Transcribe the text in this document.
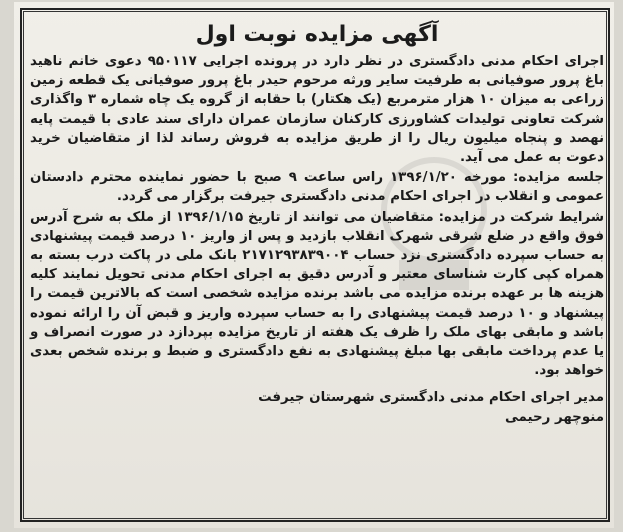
آگهی مزایده نوبت اول

اجرای احکام مدنی دادگستری در نظر دارد در پرونده اجرایی ۹۵۰۱۱۷ دعوی خانم ناهید باغ پرور صوفیانی به طرفیت سایر ورثه مرحوم حیدر باغ پرور صوفیانی یک قطعه زمین زراعی به میزان ۱۰ هزار مترمربع (یک هکتار) با حقابه از گروه یک چاه شماره ۳ واگذاری شرکت تعاونی تولیدات کشاورزی کارکنان سازمان عمران دارای سند عادی با قیمت پایه نهصد و پنجاه میلیون ریال را از طریق مزایده به فروش رساند لذا از متقاضیان خرید دعوت به عمل می آید.

جلسه مزایده: مورخه ۱۳۹۶/۱/۲۰ راس ساعت ۹ صبح با حضور نماینده محترم دادستان عمومی و انقلاب در اجرای احکام مدنی دادگستری جیرفت برگزار می گردد.

شرایط شرکت در مزایده: متقاضیان می توانند از تاریخ ۱۳۹۶/۱/۱۵ از ملک به شرح آدرس فوق واقع در ضلع شرقی شهرک انقلاب بازدید و پس از واریز ۱۰ درصد قیمت پیشنهادی به حساب سپرده دادگستری نزد حساب ۲۱۷۱۲۹۳۸۳۹۰۰۴ بانک ملی در پاکت درب بسته به همراه کپی کارت شناسای معتبر و آدرس دقیق به اجرای احکام مدنی تحویل نمایند کلیه هزینه ها بر عهده برنده مزایده می باشد برنده مزایده شخصی است که بالاترین قیمت را پیشنهاد و ۱۰ درصد قیمت پیشنهادی را به حساب سپرده واریز و قبض آن را ارائه نموده باشد و مابقی بهای ملک را ظرف یک هفته از تاریخ مزایده بپردازد در صورت انصراف و یا عدم پرداخت مابقی بها مبلغ پیشنهادی به نفع دادگستری و ضبط و برنده شخص بعدی خواهد بود.

مدیر اجرای احکام مدنی دادگستری شهرستان جیرفت
منوچهر رحیمی
